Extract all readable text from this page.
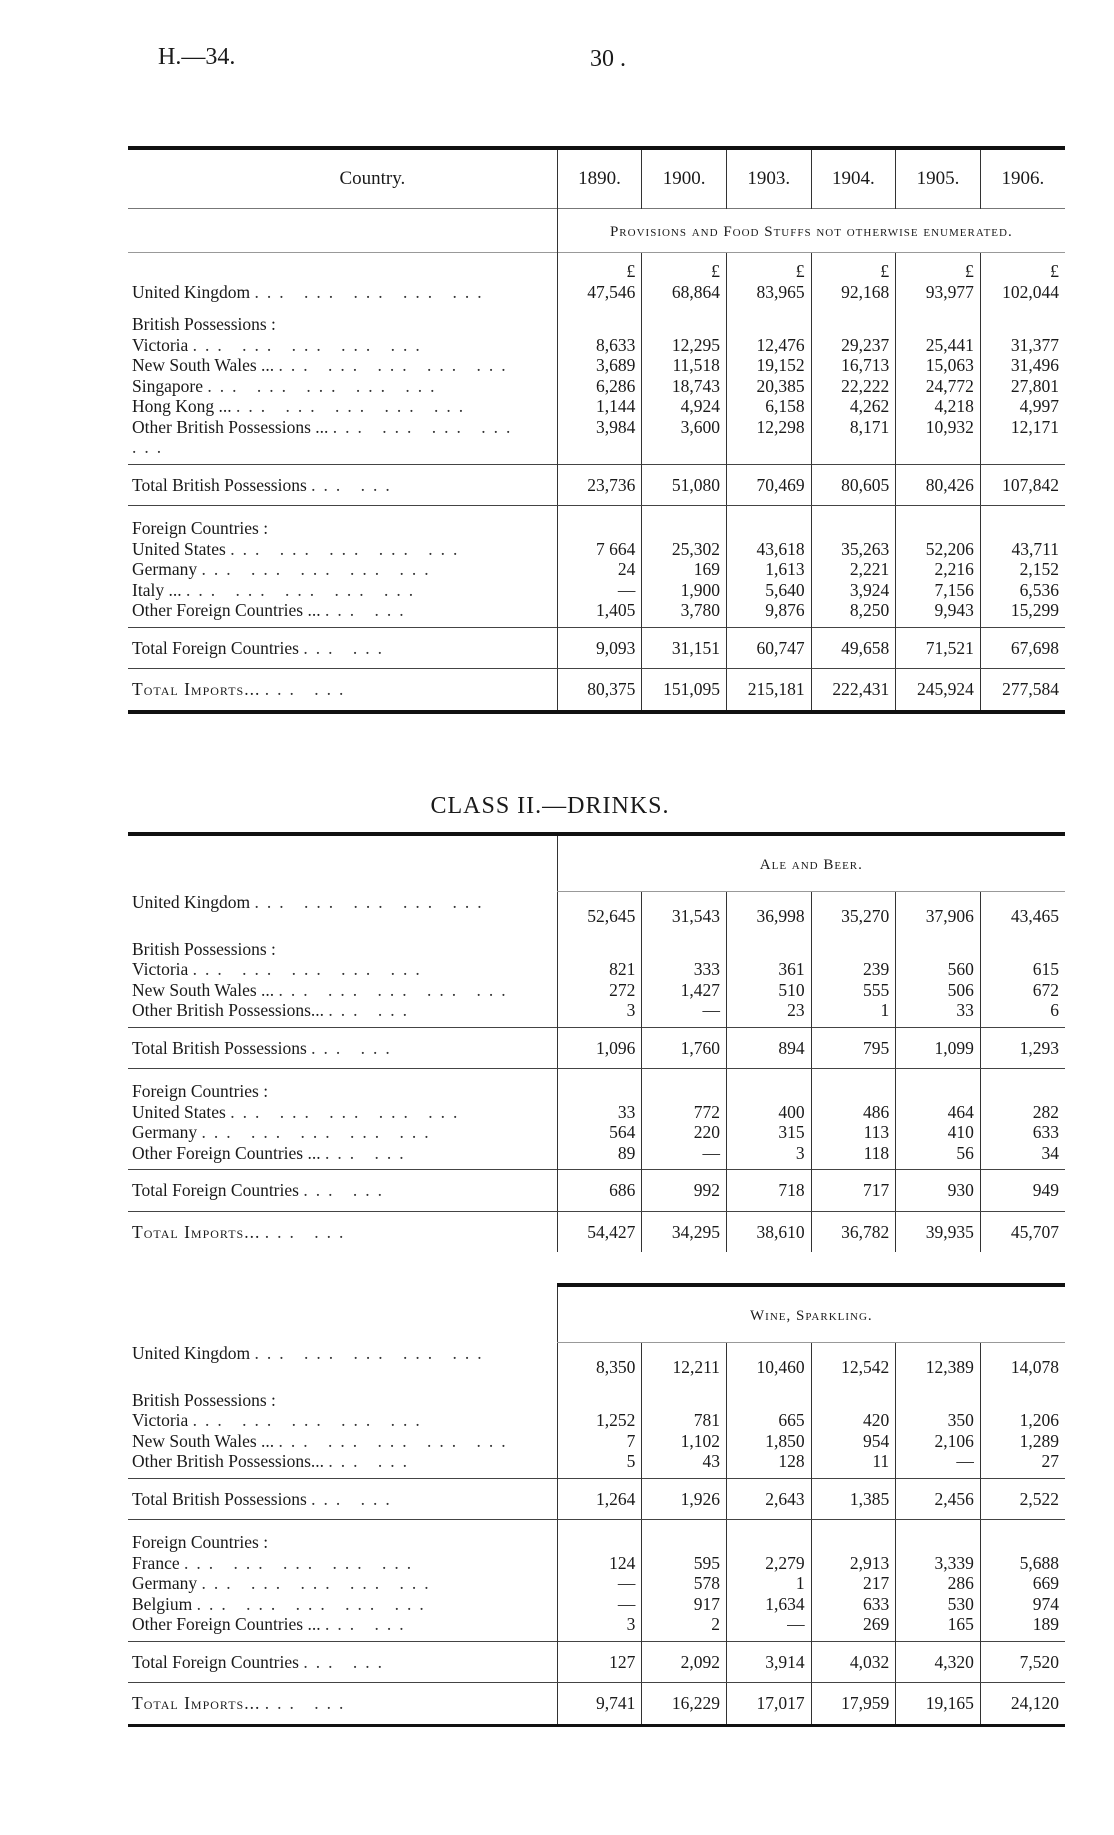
H.—34.	30 .
Country.	1890.	1900.	1903.	1904.	1905.	1906.
	Provisions and Food Stuffs not otherwise enumerated.					
	£	£	£	£	£	£
United Kingdom ... ... ... ... ...	47,546	68,864	83,965	92,168	93,977	102,044

British Possessions :						
Victoria ... ... ... ... ...	8,633	12,295	12,476	29,237	25,441	31,377
New South Wales ... ... ... ... ... ...	3,689	11,518	19,152	16,713	15,063	31,496
Singapore ... ... ... ... ...	6,286	18,743	20,385	22,222	24,772	27,801
Hong Kong ... ... ... ... ... ...	1,144	4,924	6,158	4,262	4,218	4,997
Other British Possessions ... ... ... ... ... ...	3,984	3,600	12,298	8,171	10,932	12,171

Total British Possessions ... ...	23,736	51,080	70,469	80,605	80,426	107,842

Foreign Countries :						
United States ... ... ... ... ...	7 664	25,302	43,618	35,263	52,206	43,711
Germany ... ... ... ... ...	24	169	1,613	2,221	2,216	2,152
Italy ... ... ... ... ... ...	—	1,900	5,640	3,924	7,156	6,536
Other Foreign Countries ... ... ...	1,405	3,780	9,876	8,250	9,943	15,299

Total Foreign Countries ... ...	9,093	31,151	60,747	49,658	71,521	67,698
Total Imports... ... ...	80,375	151,095	215,181	222,431	245,924	277,584
CLASS II.—DRINKS.
	Ale and Beer.					
United Kingdom ... ... ... ... ...	52,645	31,543	36,998	35,270	37,906	43,465

British Possessions :						
Victoria ... ... ... ... ...	821	333	361	239	560	615
New South Wales ... ... ... ... ... ...	272	1,427	510	555	506	672
Other British Possessions... ... ...	3	—	23	1	33	6

Total British Possessions ... ...	1,096	1,760	894	795	1,099	1,293

Foreign Countries :						
United States ... ... ... ... ...	33	772	400	486	464	282
Germany ... ... ... ... ...	564	220	315	113	410	633
Other Foreign Countries ... ... ...	89	—	3	118	56	34

Total Foreign Countries ... ...	686	992	718	717	930	949
Total Imports... ... ...	54,427	34,295	38,610	36,782	39,935	45,707
	Wine, Sparkling.					
United Kingdom ... ... ... ... ...	8,350	12,211	10,460	12,542	12,389	14,078

British Possessions :						
Victoria ... ... ... ... ...	1,252	781	665	420	350	1,206
New South Wales ... ... ... ... ... ...	7	1,102	1,850	954	2,106	1,289
Other British Possessions... ... ...	5	43	128	11	—	27

Total British Possessions ... ...	1,264	1,926	2,643	1,385	2,456	2,522

Foreign Countries :						
France ... ... ... ... ...	124	595	2,279	2,913	3,339	5,688
Germany ... ... ... ... ...	—	578	1	217	286	669
Belgium ... ... ... ... ...	—	917	1,634	633	530	974
Other Foreign Countries ... ... ...	3	2	—	269	165	189

Total Foreign Countries ... ...	127	2,092	3,914	4,032	4,320	7,520
Total Imports... ... ...	9,741	16,229	17,017	17,959	19,165	24,120
